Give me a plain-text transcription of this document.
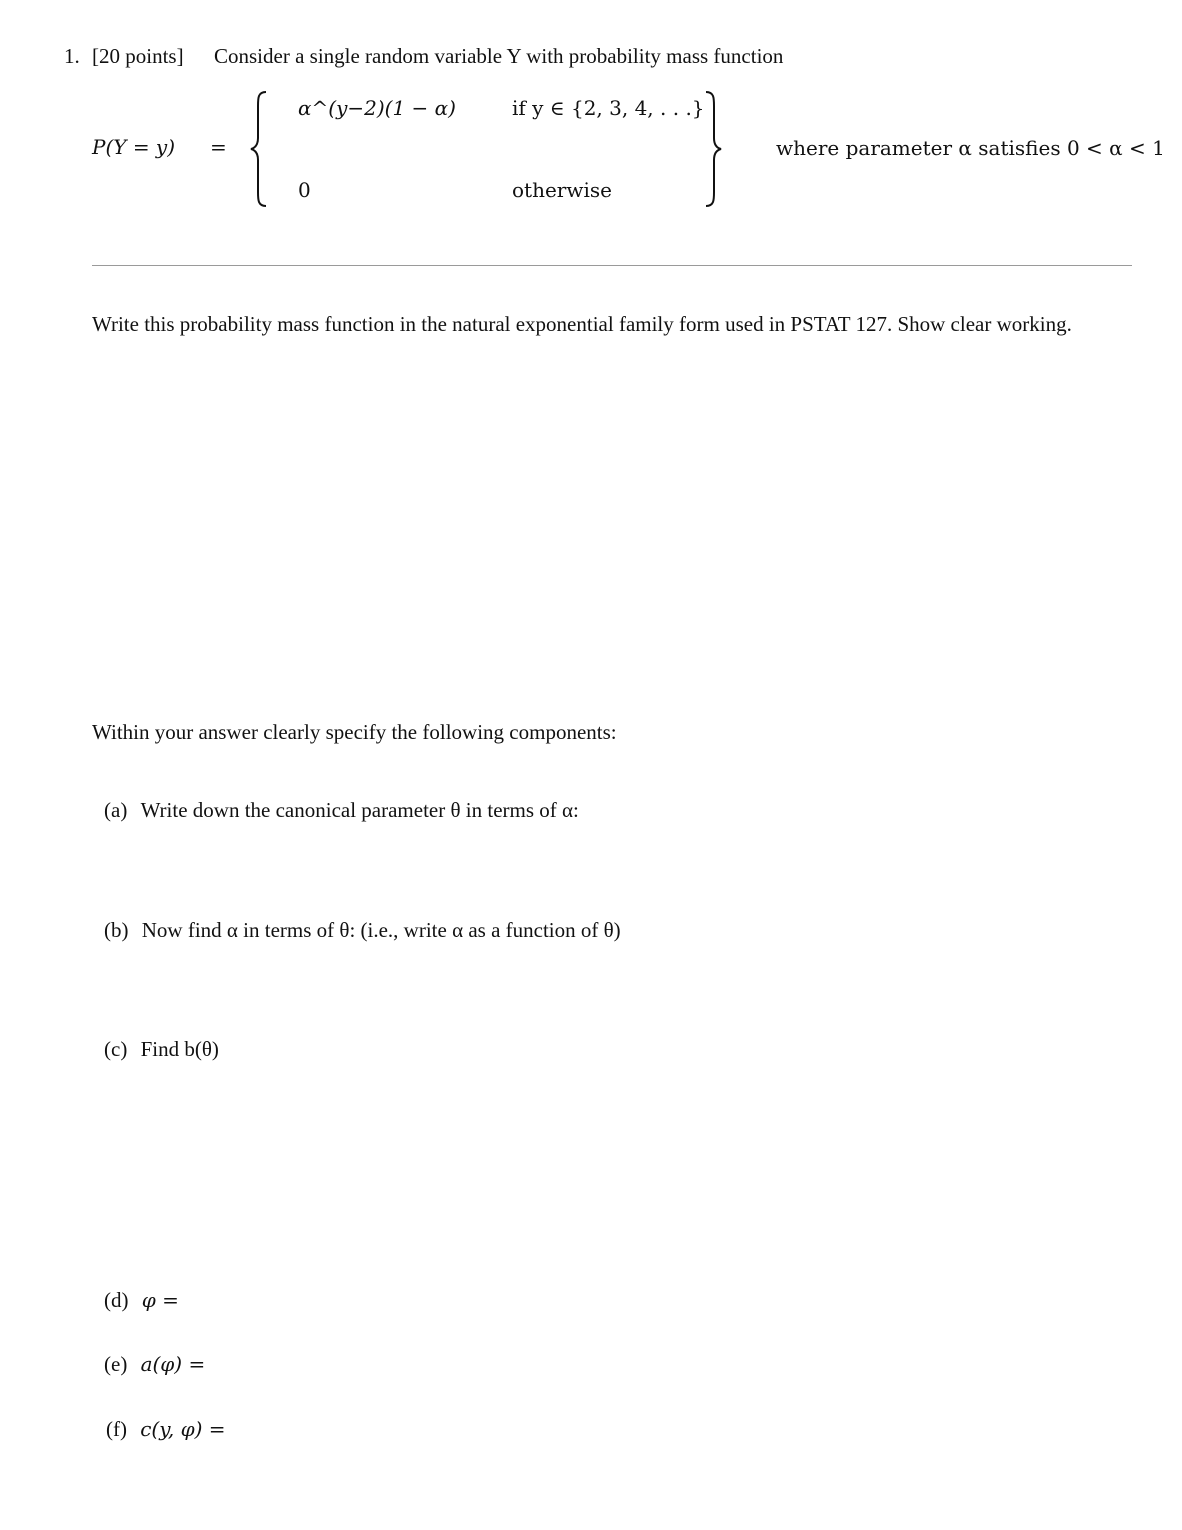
1. [20 points] Consider a single random variable Y with probability mass function
P(Y = y) =
α^(y−2)(1 − α)	if y ∈ {2, 3, 4, . . .}
0	otherwise
where parameter α satisfies 0 < α < 1
Write this probability mass function in the natural exponential family form used in PSTAT 127. Show clear working.
Within your answer clearly specify the following components:
(a) Write down the canonical parameter θ in terms of α:
(b) Now find α in terms of θ: (i.e., write α as a function of θ)
(c) Find b(θ)
(d) φ =
(e) a(φ) =
(f) c(y, φ) =
